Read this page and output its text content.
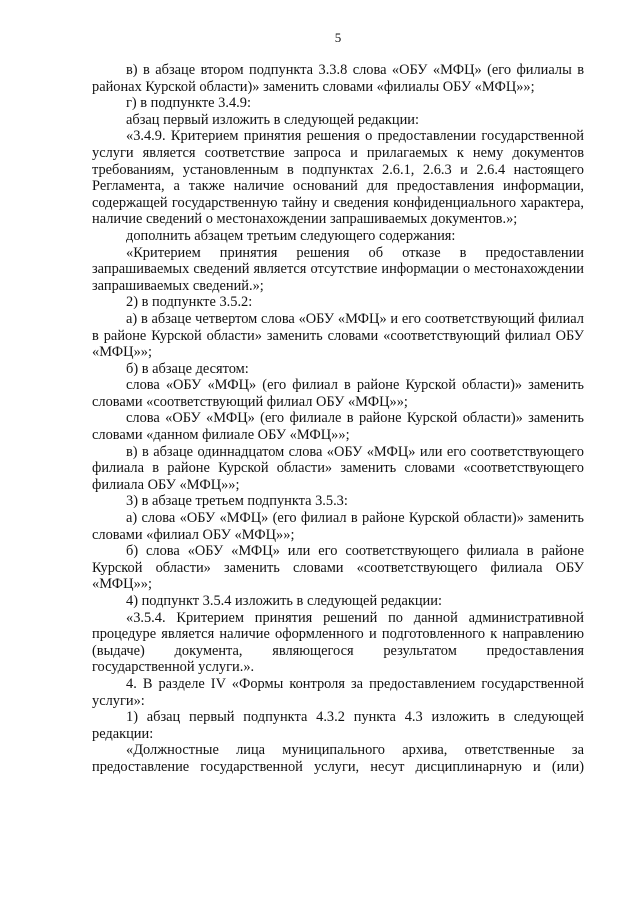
5

в) в абзаце втором подпункта 3.3.8 слова «ОБУ «МФЦ» (его филиалы в районах Курской области)» заменить словами «филиалы ОБУ «МФЦ»»;

г) в подпункте 3.4.9:

абзац первый изложить в следующей редакции:

«3.4.9. Критерием принятия решения о предоставлении государственной услуги является соответствие запроса и прилагаемых к нему документов требованиям, установленным в подпунктах 2.6.1, 2.6.3 и 2.6.4 настоящего Регламента, а также наличие оснований для предоставления информации, содержащей государственную тайну и сведения конфиденциального характера, наличие сведений о местонахождении запрашиваемых документов.»;

дополнить абзацем третьим следующего содержания:

«Критерием принятия решения об отказе в предоставлении запрашиваемых сведений является отсутствие информации о местонахождении запрашиваемых сведений.»;

2) в подпункте 3.5.2:

а) в абзаце четвертом слова «ОБУ «МФЦ» и его соответствующий филиал в районе Курской области» заменить словами «соответствующий филиал ОБУ «МФЦ»»;

б) в абзаце десятом:

слова «ОБУ «МФЦ» (его филиал в районе Курской области)» заменить словами «соответствующий филиал ОБУ «МФЦ»»;

слова «ОБУ «МФЦ» (его филиале в районе Курской области)» заменить словами «данном филиале ОБУ «МФЦ»»;

в) в абзаце одиннадцатом слова «ОБУ «МФЦ» или его соответствующего филиала в районе Курской области» заменить словами «соответствующего филиала ОБУ «МФЦ»»;

3) в абзаце третьем подпункта 3.5.3:

а) слова «ОБУ «МФЦ» (его филиал в районе Курской области)» заменить словами «филиал ОБУ «МФЦ»»;

б) слова «ОБУ «МФЦ» или его соответствующего филиала в районе Курской области» заменить словами «соответствующего филиала ОБУ «МФЦ»»;

4) подпункт 3.5.4 изложить в следующей редакции:

«3.5.4. Критерием принятия решений по данной административной процедуре является наличие оформленного и подготовленного к направлению (выдаче) документа, являющегося результатом предоставления государственной услуги.».

4. В разделе IV «Формы контроля за предоставлением государственной услуги»:

1) абзац первый подпункта 4.3.2 пункта 4.3 изложить в следующей редакции:

«Должностные лица муниципального архива, ответственные за предоставление государственной услуги, несут дисциплинарную и (или)
